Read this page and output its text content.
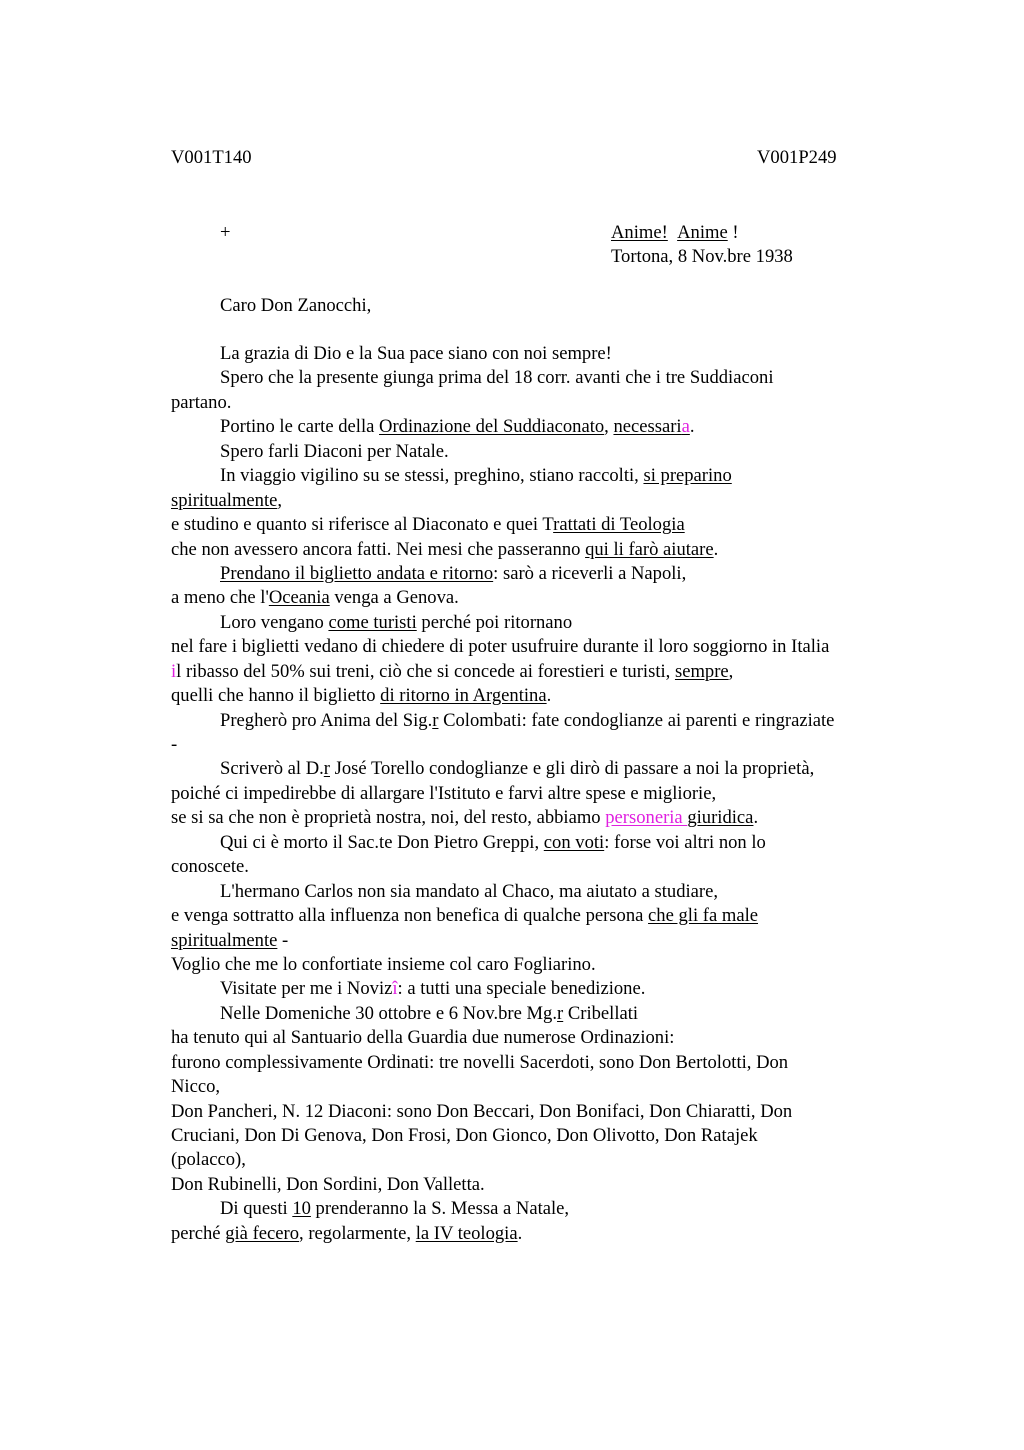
V001T140	V001P249
+	Anime! Anime !
Tortona, 8 Nov.bre 1938
Caro Don Zanocchi,
La grazia di Dio e la Sua pace siano con noi sempre!
Spero che la presente giunga prima del 18 corr. avanti che i tre Suddiaconi
partano.
Portino le carte della Ordinazione del Suddiaconato, necessaria.
Spero farli Diaconi per Natale.
In viaggio vigilino su se stessi, preghino, stiano raccolti, si preparino
spiritualmente,
e studino e quanto si riferisce al Diaconato e quei Trattati di Teologia
che non avessero ancora fatti. Nei mesi che passeranno qui li farò aiutare.
Prendano il biglietto andata e ritorno: sarò a riceverli a Napoli,
a meno che l'Oceania venga a Genova.
Loro vengano come turisti perché poi ritornano
nel fare i biglietti vedano di chiedere di poter usufruire durante il loro soggiorno in Italia
il ribasso del 50% sui treni, ciò che si concede ai forestieri e turisti, sempre,
quelli che hanno il biglietto di ritorno in Argentina.
Pregherò pro Anima del Sig.r Colombati: fate condoglianze ai parenti e ringraziate
-
Scriverò al D.r José Torello condoglianze e gli dirò di passare a noi la proprietà,
poiché ci impedirebbe di allargare l'Istituto e farvi altre spese e migliorie,
se si sa che non è proprietà nostra, noi, del resto, abbiamo personeria giuridica.
Qui ci è morto il Sac.te Don Pietro Greppi, con voti: forse voi altri non lo
conoscete.
L'hermano Carlos non sia mandato al Chaco, ma aiutato a studiare,
e venga sottratto alla influenza non benefica di qualche persona che gli fa male
spiritualmente -
Voglio che me lo confortiate insieme col caro Fogliarino.
Visitate per me i Novizî: a tutti una speciale benedizione.
Nelle Domeniche 30 ottobre e 6 Nov.bre Mg.r Cribellati
ha tenuto qui al Santuario della Guardia due numerose Ordinazioni:
furono complessivamente Ordinati: tre novelli Sacerdoti, sono Don Bertolotti, Don
Nicco,
Don Pancheri, N. 12 Diaconi: sono Don Beccari, Don Bonifaci, Don Chiaratti, Don
Cruciani, Don Di Genova, Don Frosi, Don Gionco, Don Olivotto, Don Ratajek
(polacco),
Don Rubinelli, Don Sordini, Don Valletta.
Di questi 10 prenderanno la S. Messa a Natale,
perché già fecero, regolarmente, la IV teologia.
